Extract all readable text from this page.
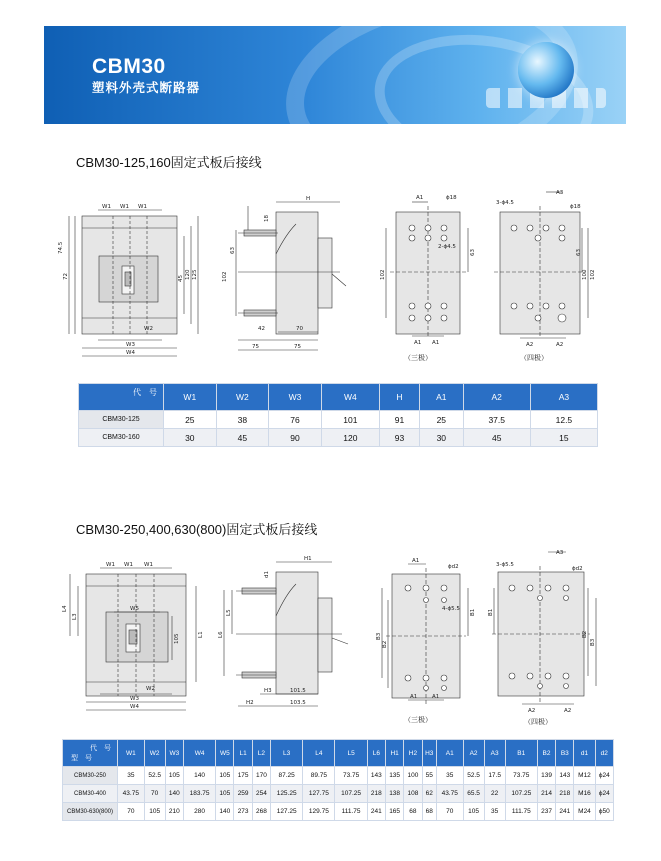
CBM30
塑料外壳式断路器
CBM30-125,160固定式板后接线
W1 W1 W1
W2
W3
W4
74.5
72	45 120 125
H
18
63
102
42	70
75	75
A1	ϕ18
2-ϕ4.5
102
63
A1 A1
（三极）
A3
3-ϕ4.5
ϕ18
63
100 102
A2	A2
（四极）
代　号	W1	W2	W3	W4	H	A1	A2	A3
CBM30-125	25	38	76	101	91	25	37.5	12.5
CBM30-160	30	45	90	120	93	30	45	15
CBM30-250,400,630(800)固定式板后接线
W1 W1 W1
W5
W2
W3
W4
L4
L3
105	L1
H1
d1
L5
L6
H3	101.5
H2	103.5
A1
ϕd2
4-ϕ5.5
B3
B2
B1
A1	A1
（三极）
A3
3-ϕ5.5
ϕd2
B1
B2
B3
A2	A2
（四极）
代　号
型　号	W1	W2	W3	W4	W5	L1	L2	L3	L4	L5	L6	H1	H2	H3	A1	A2	A3	B1	B2	B3	d1	d2
CBM30-250	35	52.5	105	140	105	175	170	87.25	89.75	73.75	143	135	100	55	35	52.5	17.5	73.75	139	143	M12	ϕ24
CBM30-400	43.75	70	140	183.75	105	259	254	125.25	127.75	107.25	218	138	108	62	43.75	65.5	22	107.25	214	218	M16	ϕ24
CBM30-630(800)	70	105	210	280	140	273	268	127.25	129.75	111.75	241	165	68	68	70	105	35	111.75	237	241	M24	ϕ50
